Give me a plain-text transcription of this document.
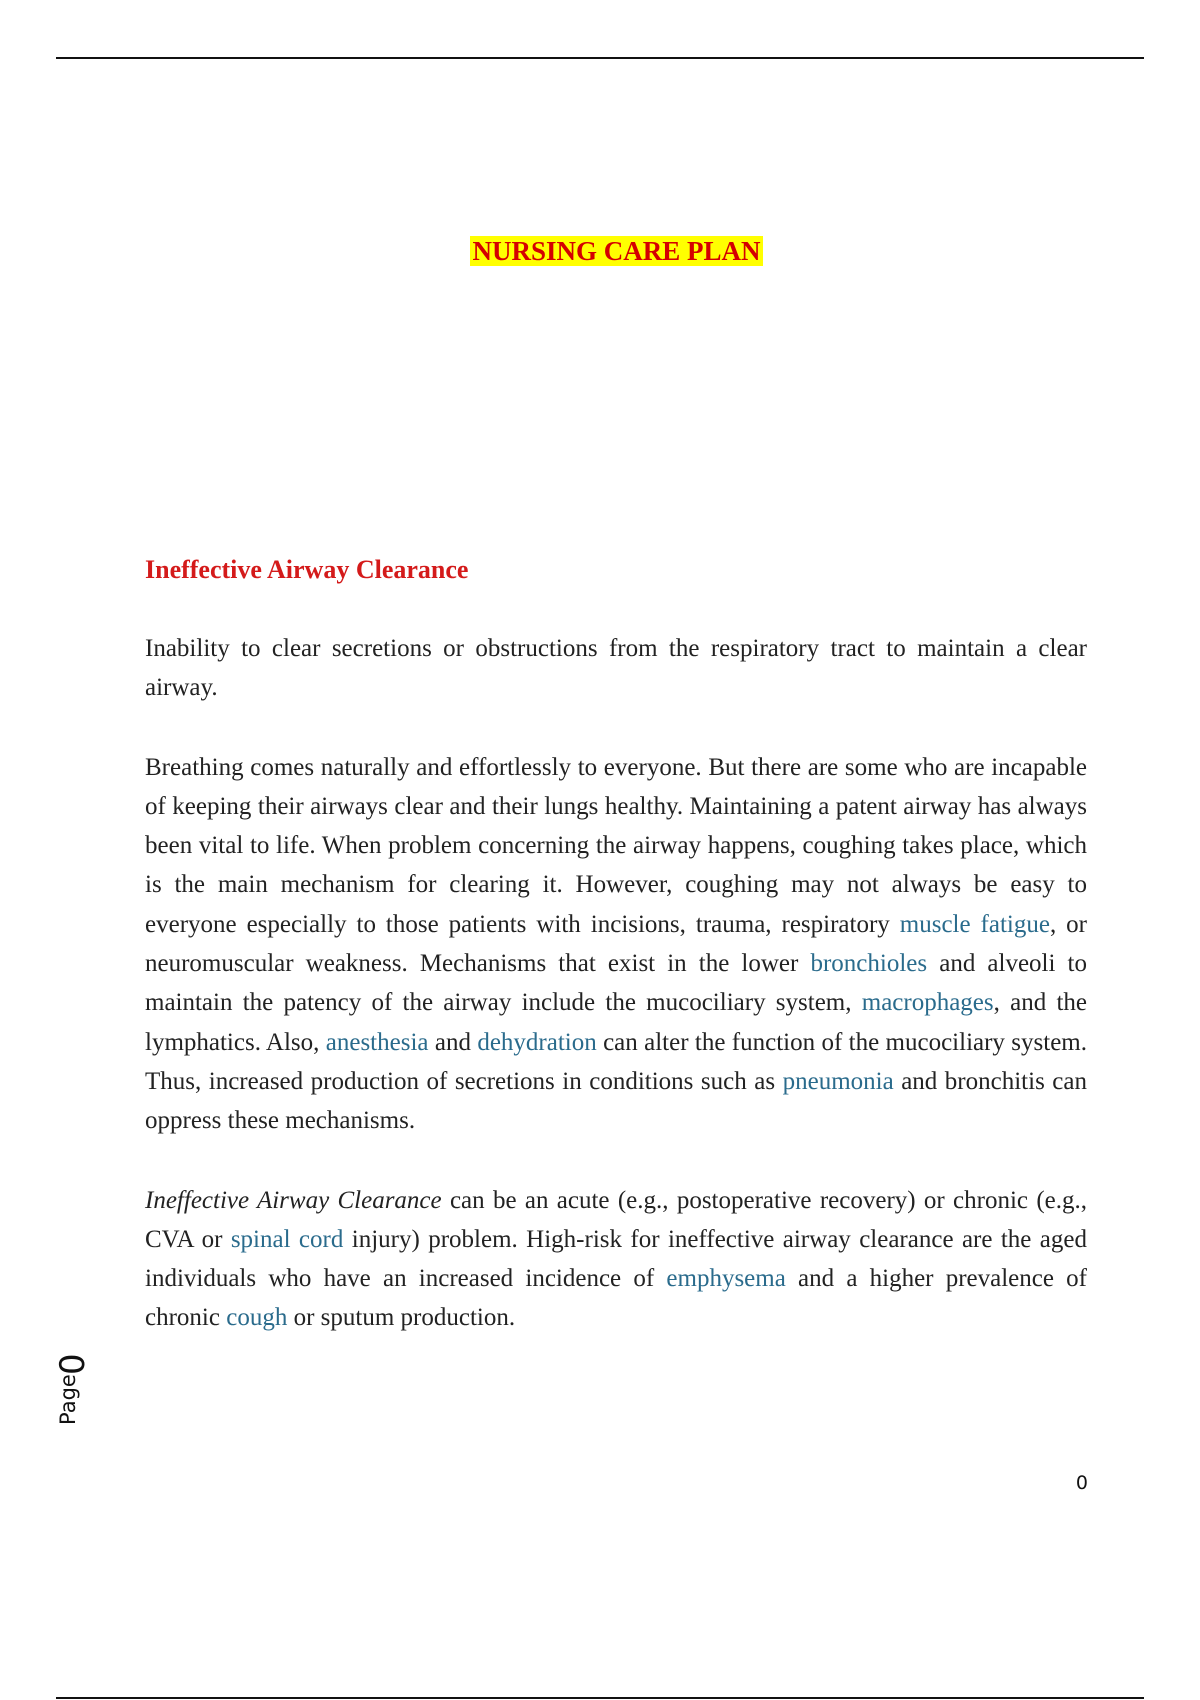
NURSING CARE PLAN

Ineffective Airway Clearance

Inability to clear secretions or obstructions from the respiratory tract to maintain a clear airway.

Breathing comes naturally and effortlessly to everyone. But there are some who are incapable of keeping their airways clear and their lungs healthy. Maintaining a patent airway has always been vital to life. When problem concerning the airway happens, coughing takes place, which is the main mechanism for clearing it. However, coughing may not always be easy to everyone especially to those patients with incisions, trauma, respiratory muscle fatigue, or neuromuscular weakness. Mechanisms that exist in the lower bronchioles and alveoli to maintain the patency of the airway include the mucociliary system, macrophages, and the lymphatics. Also, anesthesia and dehydration can alter the function of the mucociliary system. Thus, increased production of secretions in conditions such as pneumonia and bronchitis can oppress these mechanisms.

Ineffective Airway Clearance can be an acute (e.g., postoperative recovery) or chronic (e.g., CVA or spinal cord injury) problem. High-risk for ineffective airway clearance are the aged individuals who have an increased incidence of emphysema and a higher prevalence of chronic cough or sputum production.

0
Page
0
